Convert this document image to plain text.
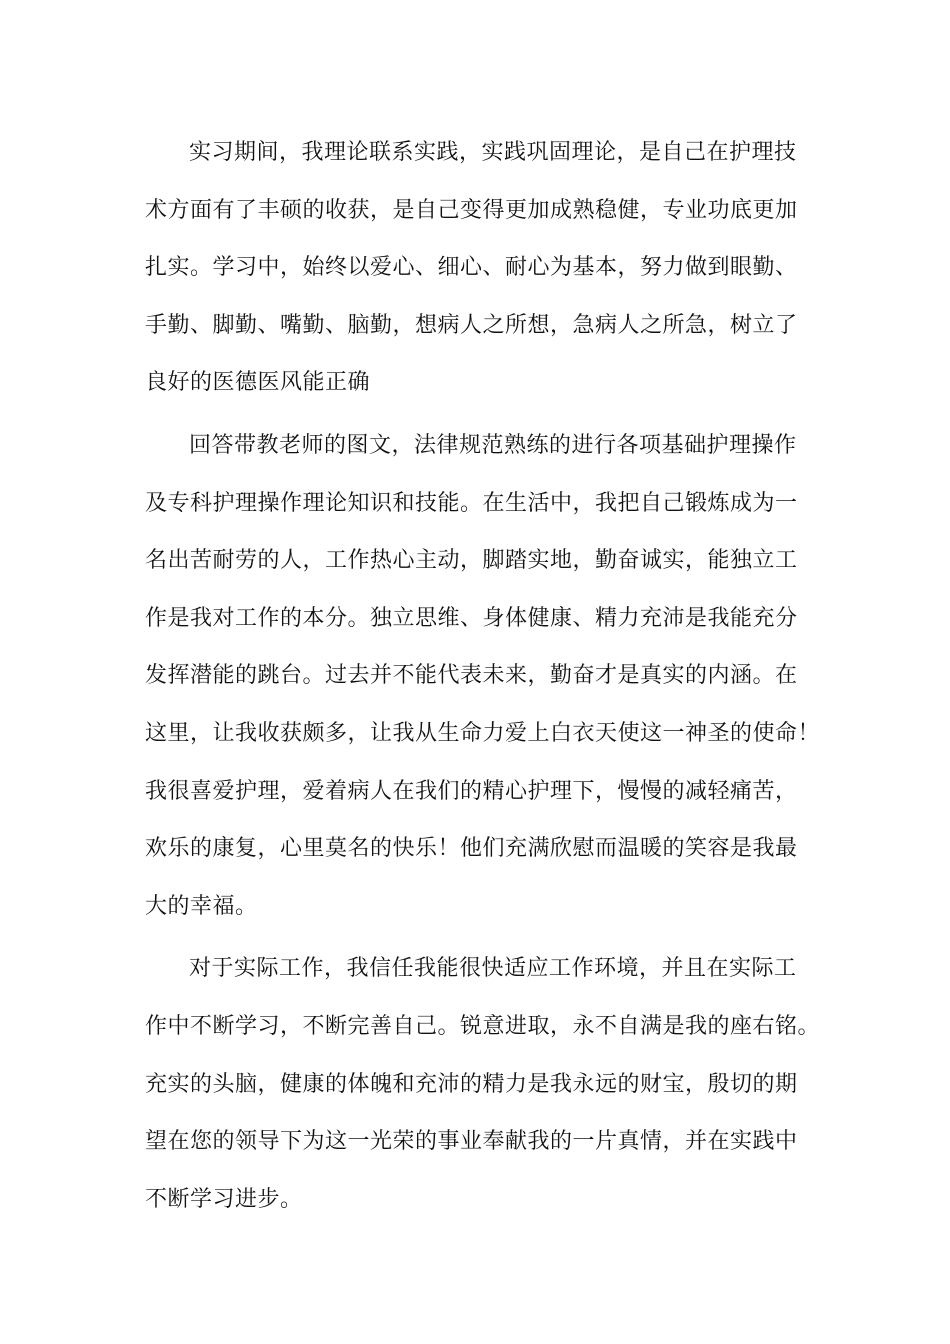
实习期间，我理论联系实践，实践巩固理论，是自己在护理技
术方面有了丰硕的收获，是自己变得更加成熟稳健，专业功底更加
扎实。学习中，始终以爱心、细心、耐心为基本，努力做到眼勤、
手勤、脚勤、嘴勤、脑勤，想病人之所想，急病人之所急，树立了
良好的医德医风能正确
回答带教老师的图文，法律规范熟练的进行各项基础护理操作
及专科护理操作理论知识和技能。在生活中，我把自己锻炼成为一
名出苦耐劳的人，工作热心主动，脚踏实地，勤奋诚实，能独立工
作是我对工作的本分。独立思维、身体健康、精力充沛是我能充分
发挥潜能的跳台。过去并不能代表未来，勤奋才是真实的内涵。在
这里，让我收获颇多，让我从生命力爱上白衣天使这一神圣的使命！
我很喜爱护理，爱着病人在我们的精心护理下，慢慢的减轻痛苦，
欢乐的康复，心里莫名的快乐！他们充满欣慰而温暖的笑容是我最
大的幸福。
对于实际工作，我信任我能很快适应工作环境，并且在实际工
作中不断学习，不断完善自己。锐意进取，永不自满是我的座右铭。
充实的头脑，健康的体魄和充沛的精力是我永远的财宝，殷切的期
望在您的领导下为这一光荣的事业奉献我的一片真情，并在实践中
不断学习进步。
